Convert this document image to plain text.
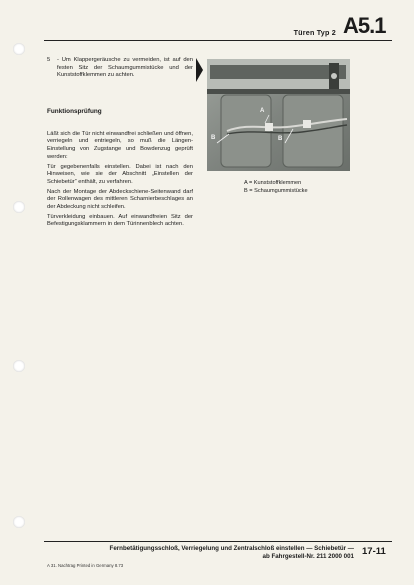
Türen Typ 2 A5.1
5	- Um Klappergeräusche zu vermeiden, ist auf den festen Sitz der Schaumgummistücke und der Kunststoffklemmen zu achten.
Funktionsprüfung

Läßt sich die Tür nicht einwandfrei schließen und öffnen, verriegeln und entriegeln, so muß die Längen-Einstellung von Zugstange und Bowdenzug geprüft werden:

Tür gegebenenfalls einstellen. Dabei ist nach den Hinweisen, wie sie der Abschnitt „Einstellen der Schiebetür“ enthält, zu verfahren.

Nach der Montage der Abdeckschiene-Seitenwand darf der Rollenwagen des mittleren Scharnierbeschlages an der Abdeckung nicht schleifen.

Türverkleidung einbauen. Auf einwandfreien Sitz der Befestigungsklammern in dem Türinnenblech achten.

A
B	B
A = Kunststoffklemmen
B = Schaumgummistücke
Fernbetätigungsschloß, Verriegelung und Zentralschloß einstellen — Schiebetür —
ab Fahrgestell-Nr. 211 2000 001 17-11
A 31. Nachtrag Printed in Germany 8.73
